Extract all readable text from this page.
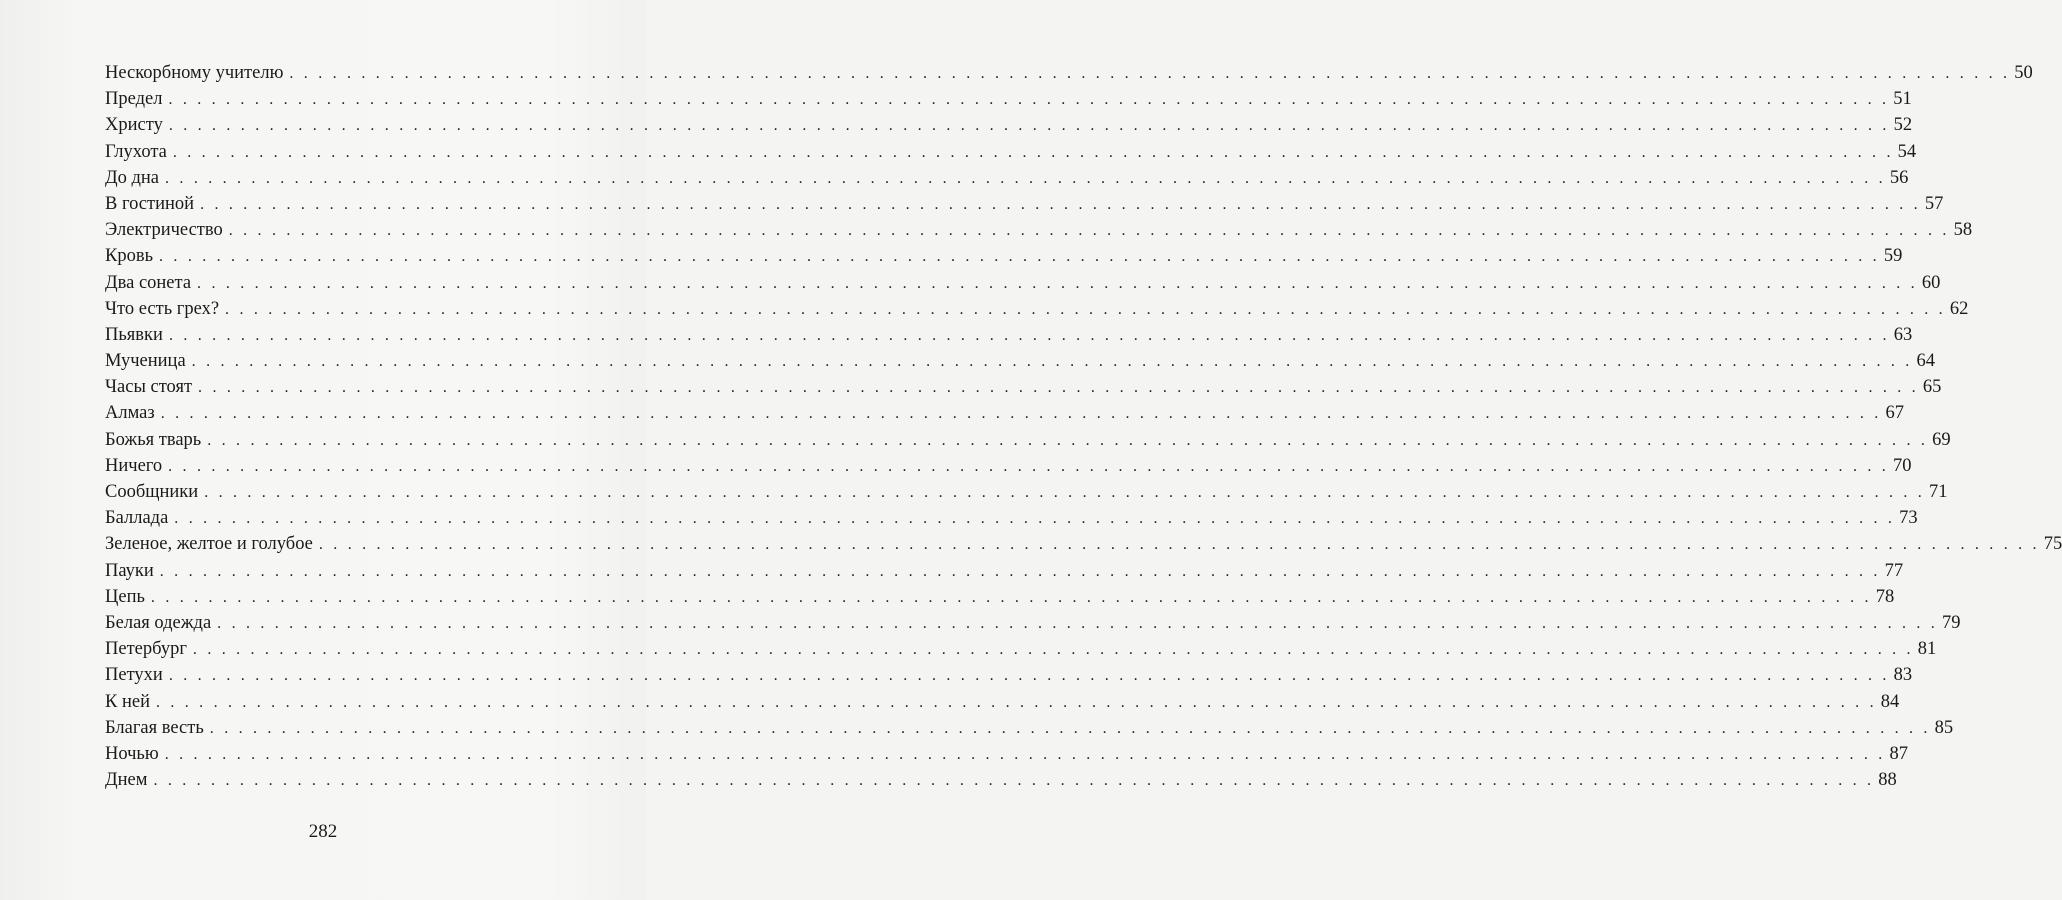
Нескорбному учителю . . . . . . . . . . . . . . . . . . . . . . . . . . . . . . . . . . . . . . . . . . . . . . . . . . . . . . . . . . . . . . . . . . . . . . . . . . . . . . . . . . . . . . . . . . . . . . . . . . . . . . . . . . . . . . . . . . . . . . . . 50
Предел . . . . . . . . . . . . . . . . . . . . . . . . . . . . . . . . . . . . . . . . . . . . . . . . . . . . . . . . . . . . . . . . . . . . . . . . . . . . . . . . . . . . . . . . . . . . . . . . . . . . . . . . . . . . . . . . . . . . . . . . 51
Христу . . . . . . . . . . . . . . . . . . . . . . . . . . . . . . . . . . . . . . . . . . . . . . . . . . . . . . . . . . . . . . . . . . . . . . . . . . . . . . . . . . . . . . . . . . . . . . . . . . . . . . . . . . . . . . . . . . . . . . . . 52
Глухота . . . . . . . . . . . . . . . . . . . . . . . . . . . . . . . . . . . . . . . . . . . . . . . . . . . . . . . . . . . . . . . . . . . . . . . . . . . . . . . . . . . . . . . . . . . . . . . . . . . . . . . . . . . . . . . . . . . . . . . . 54
До дна . . . . . . . . . . . . . . . . . . . . . . . . . . . . . . . . . . . . . . . . . . . . . . . . . . . . . . . . . . . . . . . . . . . . . . . . . . . . . . . . . . . . . . . . . . . . . . . . . . . . . . . . . . . . . . . . . . . . . . . . 56
В гостиной . . . . . . . . . . . . . . . . . . . . . . . . . . . . . . . . . . . . . . . . . . . . . . . . . . . . . . . . . . . . . . . . . . . . . . . . . . . . . . . . . . . . . . . . . . . . . . . . . . . . . . . . . . . . . . . . . . . . . . . . 57
Электричество . . . . . . . . . . . . . . . . . . . . . . . . . . . . . . . . . . . . . . . . . . . . . . . . . . . . . . . . . . . . . . . . . . . . . . . . . . . . . . . . . . . . . . . . . . . . . . . . . . . . . . . . . . . . . . . . . . . . . . . . 58
Кровь . . . . . . . . . . . . . . . . . . . . . . . . . . . . . . . . . . . . . . . . . . . . . . . . . . . . . . . . . . . . . . . . . . . . . . . . . . . . . . . . . . . . . . . . . . . . . . . . . . . . . . . . . . . . . . . . . . . . . . . . 59
Два сонета . . . . . . . . . . . . . . . . . . . . . . . . . . . . . . . . . . . . . . . . . . . . . . . . . . . . . . . . . . . . . . . . . . . . . . . . . . . . . . . . . . . . . . . . . . . . . . . . . . . . . . . . . . . . . . . . . . . . . . . . 60
Что есть грех? . . . . . . . . . . . . . . . . . . . . . . . . . . . . . . . . . . . . . . . . . . . . . . . . . . . . . . . . . . . . . . . . . . . . . . . . . . . . . . . . . . . . . . . . . . . . . . . . . . . . . . . . . . . . . . . . . . . . . . . . 62
Пьявки . . . . . . . . . . . . . . . . . . . . . . . . . . . . . . . . . . . . . . . . . . . . . . . . . . . . . . . . . . . . . . . . . . . . . . . . . . . . . . . . . . . . . . . . . . . . . . . . . . . . . . . . . . . . . . . . . . . . . . . . 63
Мученица . . . . . . . . . . . . . . . . . . . . . . . . . . . . . . . . . . . . . . . . . . . . . . . . . . . . . . . . . . . . . . . . . . . . . . . . . . . . . . . . . . . . . . . . . . . . . . . . . . . . . . . . . . . . . . . . . . . . . . . . 64
Часы стоят . . . . . . . . . . . . . . . . . . . . . . . . . . . . . . . . . . . . . . . . . . . . . . . . . . . . . . . . . . . . . . . . . . . . . . . . . . . . . . . . . . . . . . . . . . . . . . . . . . . . . . . . . . . . . . . . . . . . . . . . 65
Алмаз . . . . . . . . . . . . . . . . . . . . . . . . . . . . . . . . . . . . . . . . . . . . . . . . . . . . . . . . . . . . . . . . . . . . . . . . . . . . . . . . . . . . . . . . . . . . . . . . . . . . . . . . . . . . . . . . . . . . . . . . 67
Божья тварь . . . . . . . . . . . . . . . . . . . . . . . . . . . . . . . . . . . . . . . . . . . . . . . . . . . . . . . . . . . . . . . . . . . . . . . . . . . . . . . . . . . . . . . . . . . . . . . . . . . . . . . . . . . . . . . . . . . . . . . . 69
Ничего . . . . . . . . . . . . . . . . . . . . . . . . . . . . . . . . . . . . . . . . . . . . . . . . . . . . . . . . . . . . . . . . . . . . . . . . . . . . . . . . . . . . . . . . . . . . . . . . . . . . . . . . . . . . . . . . . . . . . . . . 70
Сообщники . . . . . . . . . . . . . . . . . . . . . . . . . . . . . . . . . . . . . . . . . . . . . . . . . . . . . . . . . . . . . . . . . . . . . . . . . . . . . . . . . . . . . . . . . . . . . . . . . . . . . . . . . . . . . . . . . . . . . . . . 71
Баллада . . . . . . . . . . . . . . . . . . . . . . . . . . . . . . . . . . . . . . . . . . . . . . . . . . . . . . . . . . . . . . . . . . . . . . . . . . . . . . . . . . . . . . . . . . . . . . . . . . . . . . . . . . . . . . . . . . . . . . . . 73
Зеленое, желтое и голубое . . . . . . . . . . . . . . . . . . . . . . . . . . . . . . . . . . . . . . . . . . . . . . . . . . . . . . . . . . . . . . . . . . . . . . . . . . . . . . . . . . . . . . . . . . . . . . . . . . . . . . . . . . . . . . . . . . . . . . . . 75
Пауки . . . . . . . . . . . . . . . . . . . . . . . . . . . . . . . . . . . . . . . . . . . . . . . . . . . . . . . . . . . . . . . . . . . . . . . . . . . . . . . . . . . . . . . . . . . . . . . . . . . . . . . . . . . . . . . . . . . . . . . . 77
Цепь . . . . . . . . . . . . . . . . . . . . . . . . . . . . . . . . . . . . . . . . . . . . . . . . . . . . . . . . . . . . . . . . . . . . . . . . . . . . . . . . . . . . . . . . . . . . . . . . . . . . . . . . . . . . . . . . . . . . . . . . 78
Белая одежда . . . . . . . . . . . . . . . . . . . . . . . . . . . . . . . . . . . . . . . . . . . . . . . . . . . . . . . . . . . . . . . . . . . . . . . . . . . . . . . . . . . . . . . . . . . . . . . . . . . . . . . . . . . . . . . . . . . . . . . . 79
Петербург . . . . . . . . . . . . . . . . . . . . . . . . . . . . . . . . . . . . . . . . . . . . . . . . . . . . . . . . . . . . . . . . . . . . . . . . . . . . . . . . . . . . . . . . . . . . . . . . . . . . . . . . . . . . . . . . . . . . . . . . 81
Петухи . . . . . . . . . . . . . . . . . . . . . . . . . . . . . . . . . . . . . . . . . . . . . . . . . . . . . . . . . . . . . . . . . . . . . . . . . . . . . . . . . . . . . . . . . . . . . . . . . . . . . . . . . . . . . . . . . . . . . . . . 83
К ней . . . . . . . . . . . . . . . . . . . . . . . . . . . . . . . . . . . . . . . . . . . . . . . . . . . . . . . . . . . . . . . . . . . . . . . . . . . . . . . . . . . . . . . . . . . . . . . . . . . . . . . . . . . . . . . . . . . . . . . . 84
Благая весть . . . . . . . . . . . . . . . . . . . . . . . . . . . . . . . . . . . . . . . . . . . . . . . . . . . . . . . . . . . . . . . . . . . . . . . . . . . . . . . . . . . . . . . . . . . . . . . . . . . . . . . . . . . . . . . . . . . . . . . . 85
Ночью . . . . . . . . . . . . . . . . . . . . . . . . . . . . . . . . . . . . . . . . . . . . . . . . . . . . . . . . . . . . . . . . . . . . . . . . . . . . . . . . . . . . . . . . . . . . . . . . . . . . . . . . . . . . . . . . . . . . . . . . 87
Днем . . . . . . . . . . . . . . . . . . . . . . . . . . . . . . . . . . . . . . . . . . . . . . . . . . . . . . . . . . . . . . . . . . . . . . . . . . . . . . . . . . . . . . . . . . . . . . . . . . . . . . . . . . . . . . . . . . . . . . . . 88
282
